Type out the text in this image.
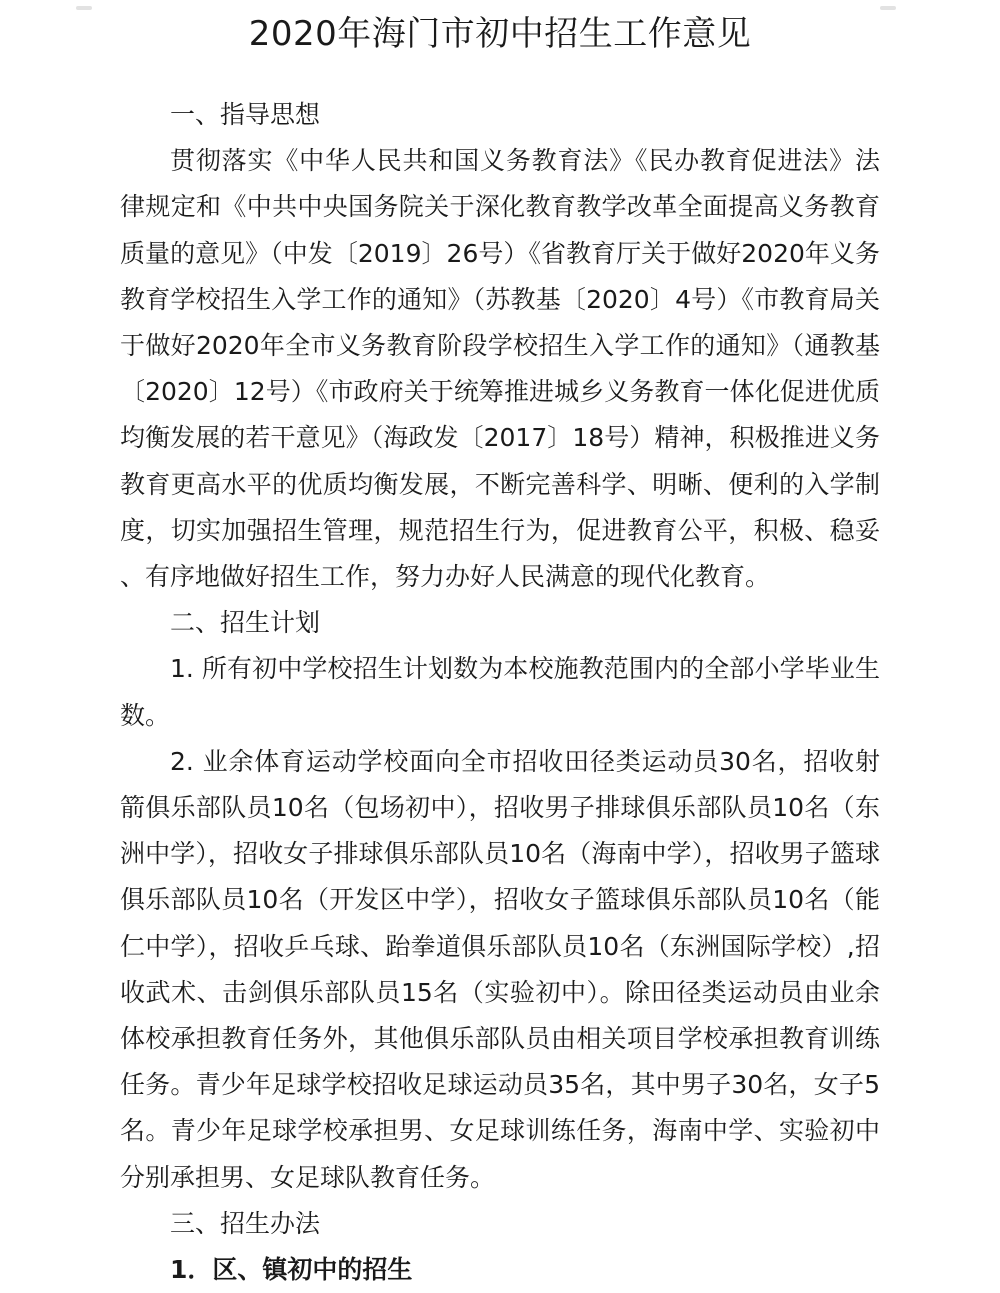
2020年海门市初中招生工作意见

一、指导思想

贯彻落实《中华人民共和国义务教育法》《民办教育促进法》法律规定和《中共中央国务院关于深化教育教学改革全面提高义务教育质量的意见》（中发〔2019〕26号）《省教育厅关于做好2020年义务教育学校招生入学工作的通知》（苏教基〔2020〕4号）《市教育局关于做好2020年全市义务教育阶段学校招生入学工作的通知》（通教基〔2020〕12号）《市政府关于统筹推进城乡义务教育一体化促进优质均衡发展的若干意见》（海政发〔2017〕18号）精神，积极推进义务教育更高水平的优质均衡发展，不断完善科学、明晰、便利的入学制度，切实加强招生管理，规范招生行为，促进教育公平，积极、稳妥、有序地做好招生工作，努力办好人民满意的现代化教育。

二、招生计划

1. 所有初中学校招生计划数为本校施教范围内的全部小学毕业生数。

2. 业余体育运动学校面向全市招收田径类运动员30名，招收射箭俱乐部队员10名（包场初中），招收男子排球俱乐部队员10名（东洲中学），招收女子排球俱乐部队员10名（海南中学），招收男子篮球俱乐部队员10名（开发区中学），招收女子篮球俱乐部队员10名（能仁中学），招收乒乓球、跆拳道俱乐部队员10名（东洲国际学校）,招收武术、击剑俱乐部队员15名（实验初中）。除田径类运动员由业余体校承担教育任务外，其他俱乐部队员由相关项目学校承担教育训练任务。青少年足球学校招收足球运动员35名，其中男子30名，女子5名。青少年足球学校承担男、女足球训练任务，海南中学、实验初中分别承担男、女足球队教育任务。

三、招生办法

1．区、镇初中的招生
